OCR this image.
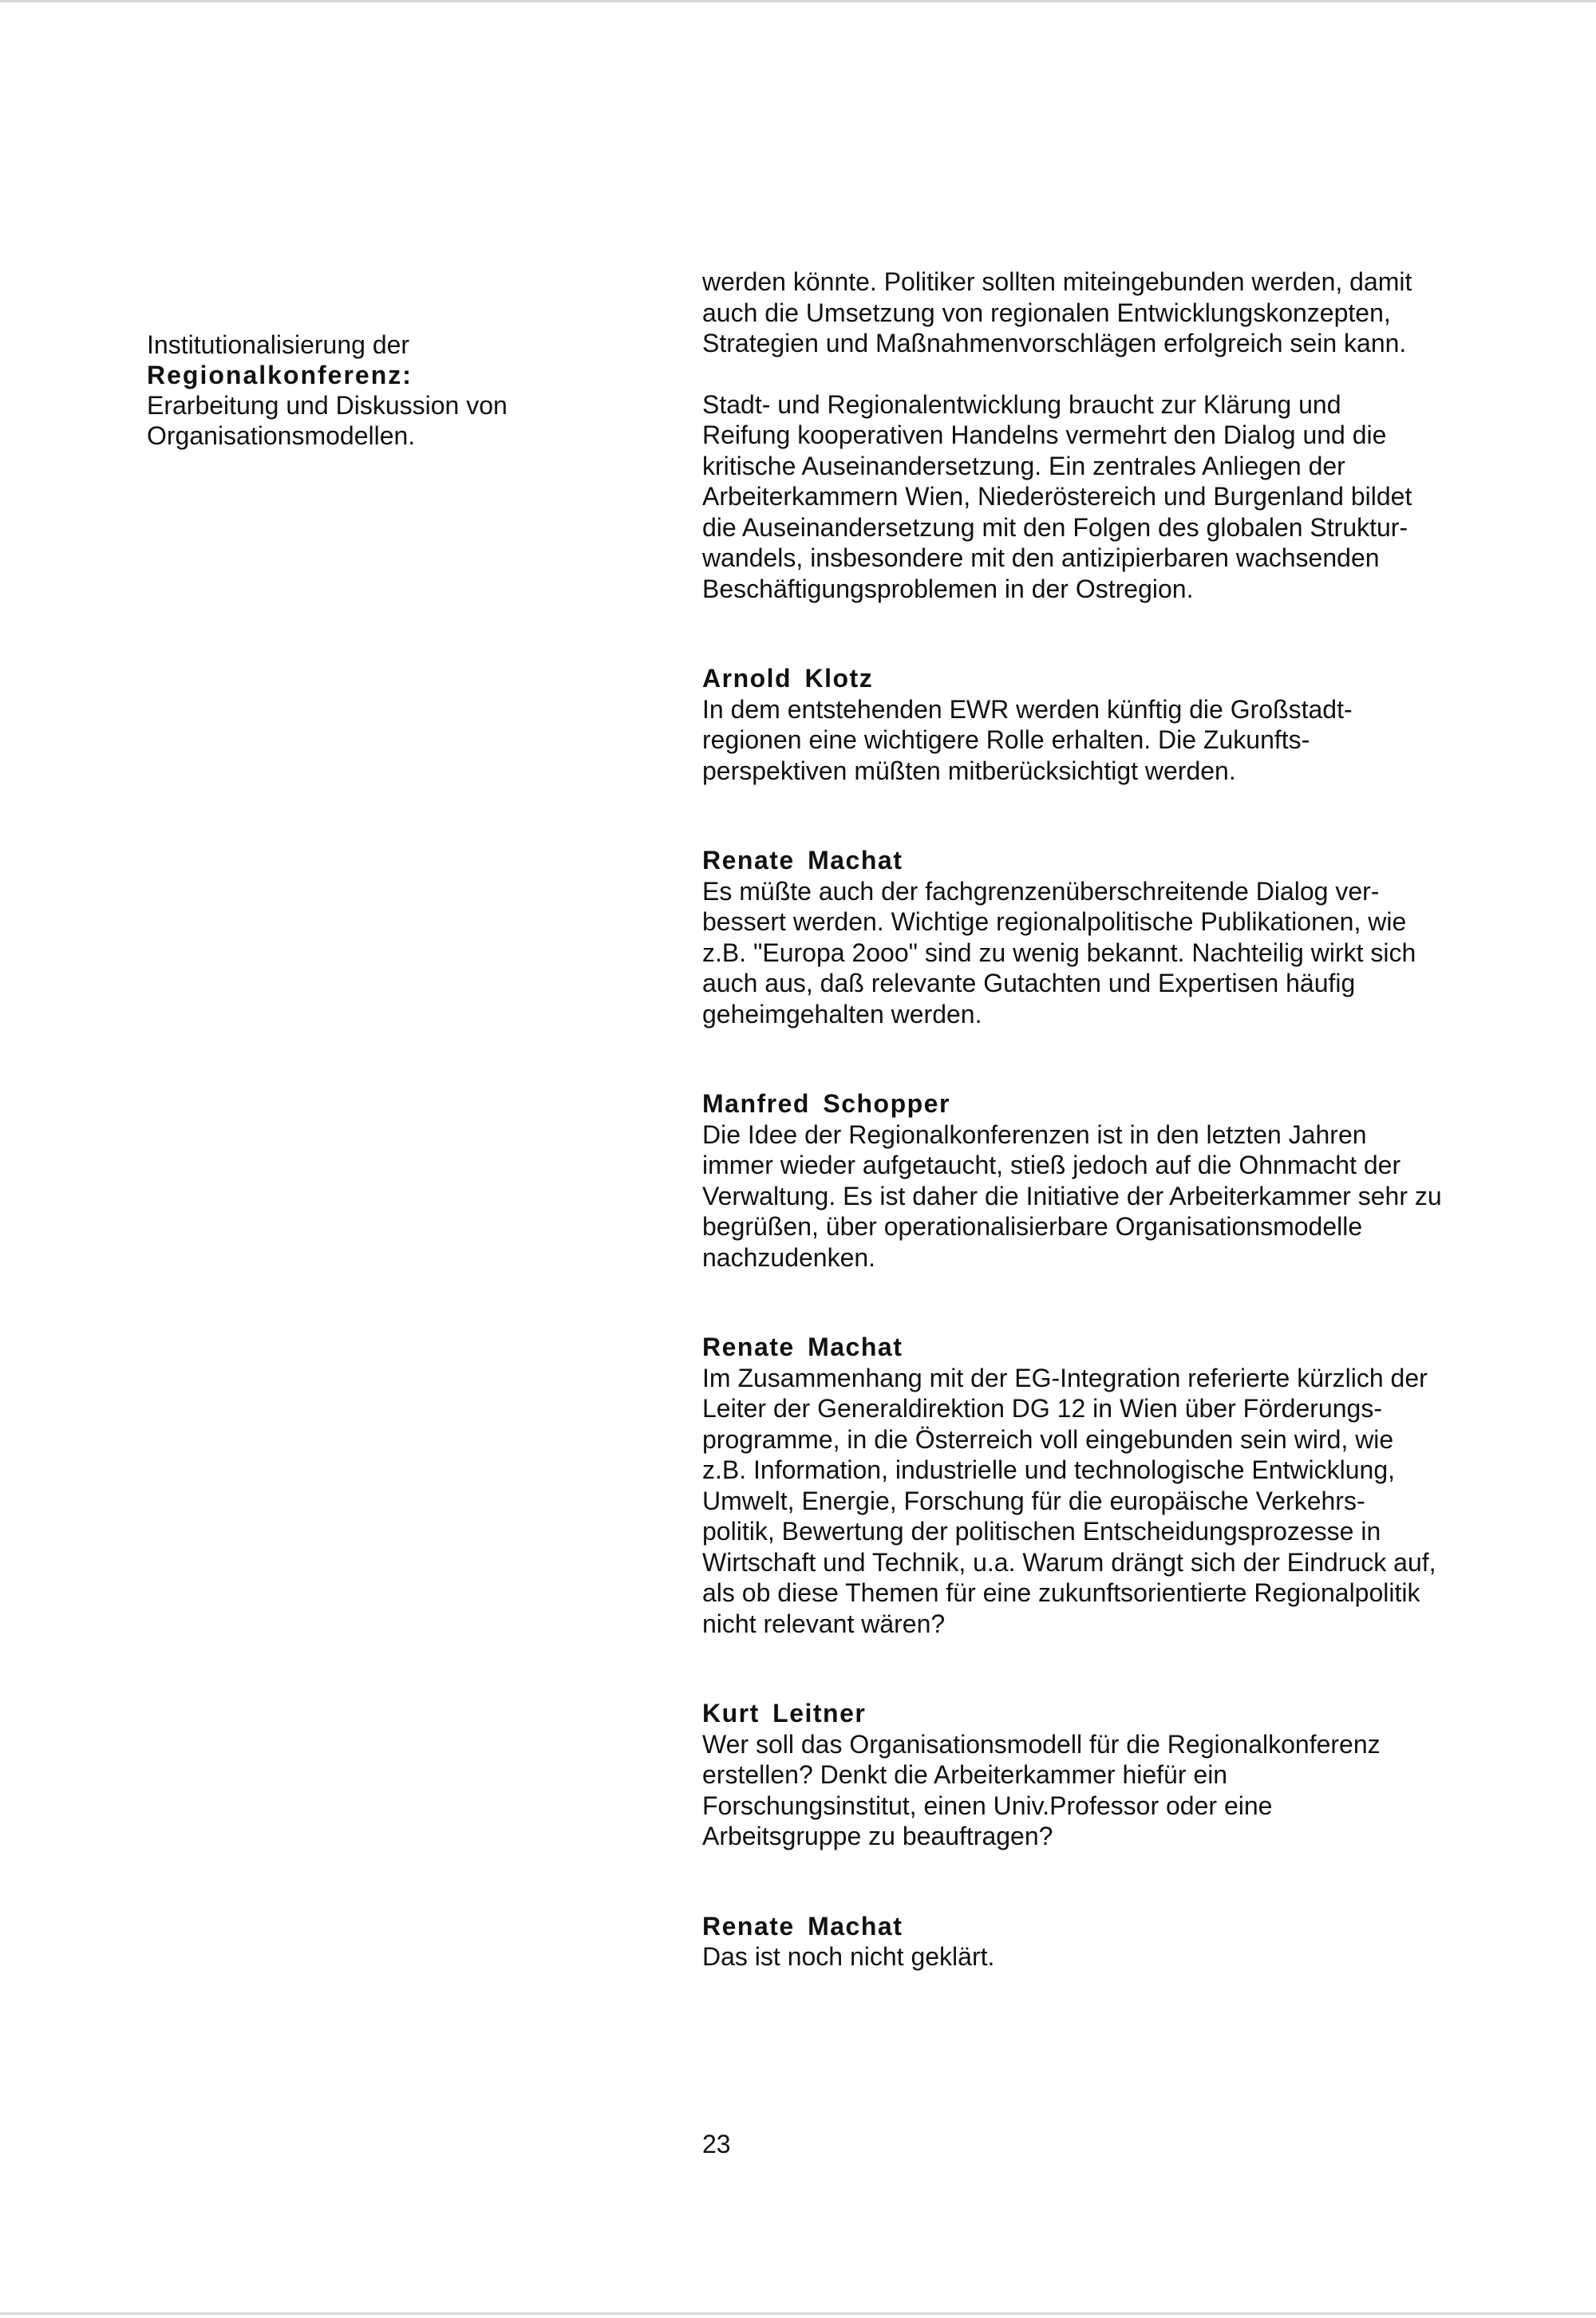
Institutionalisierung der
Regionalkonferenz:
Erarbeitung und Diskussion von
Organisationsmodellen.

werden könnte. Politiker sollten miteingebunden werden, damit
auch die Umsetzung von regionalen Entwicklungskonzepten,
Strategien und Maßnahmenvorschlägen erfolgreich sein kann.

Stadt- und Regionalentwicklung braucht zur Klärung und
Reifung kooperativen Handelns vermehrt den Dialog und die
kritische Auseinandersetzung. Ein zentrales Anliegen der
Arbeiterkammern Wien, Niederöstereich und Burgenland bildet
die Auseinandersetzung mit den Folgen des globalen Struktur-
wandels, insbesondere mit den antizipierbaren wachsenden
Beschäftigungsproblemen in der Ostregion.

Arnold Klotz

In dem entstehenden EWR werden künftig die Großstadt-
regionen eine wichtigere Rolle erhalten. Die Zukunfts-
perspektiven müßten mitberücksichtigt werden.

Renate Machat

Es müßte auch der fachgrenzenüberschreitende Dialog ver-
bessert werden. Wichtige regionalpolitische Publikationen, wie
z.B. "Europa 2ooo" sind zu wenig bekannt. Nachteilig wirkt sich
auch aus, daß relevante Gutachten und Expertisen häufig
geheimgehalten werden.

Manfred Schopper

Die Idee der Regionalkonferenzen ist in den letzten Jahren
immer wieder aufgetaucht, stieß jedoch auf die Ohnmacht der
Verwaltung. Es ist daher die Initiative der Arbeiterkammer sehr zu
begrüßen, über operationalisierbare Organisationsmodelle
nachzudenken.

Renate Machat

Im Zusammenhang mit der EG-Integration referierte kürzlich der
Leiter der Generaldirektion DG 12 in Wien über Förderungs-
programme, in die Österreich voll eingebunden sein wird, wie
z.B. Information, industrielle und technologische Entwicklung,
Umwelt, Energie, Forschung für die europäische Verkehrs-
politik, Bewertung der politischen Entscheidungsprozesse in
Wirtschaft und Technik, u.a. Warum drängt sich der Eindruck auf,
als ob diese Themen für eine zukunftsorientierte Regionalpolitik
nicht relevant wären?

Kurt Leitner

Wer soll das Organisationsmodell für die Regionalkonferenz
erstellen? Denkt die Arbeiterkammer hiefür ein
Forschungsinstitut, einen Univ.Professor oder eine
Arbeitsgruppe zu beauftragen?

Renate Machat

Das ist noch nicht geklärt.

23
